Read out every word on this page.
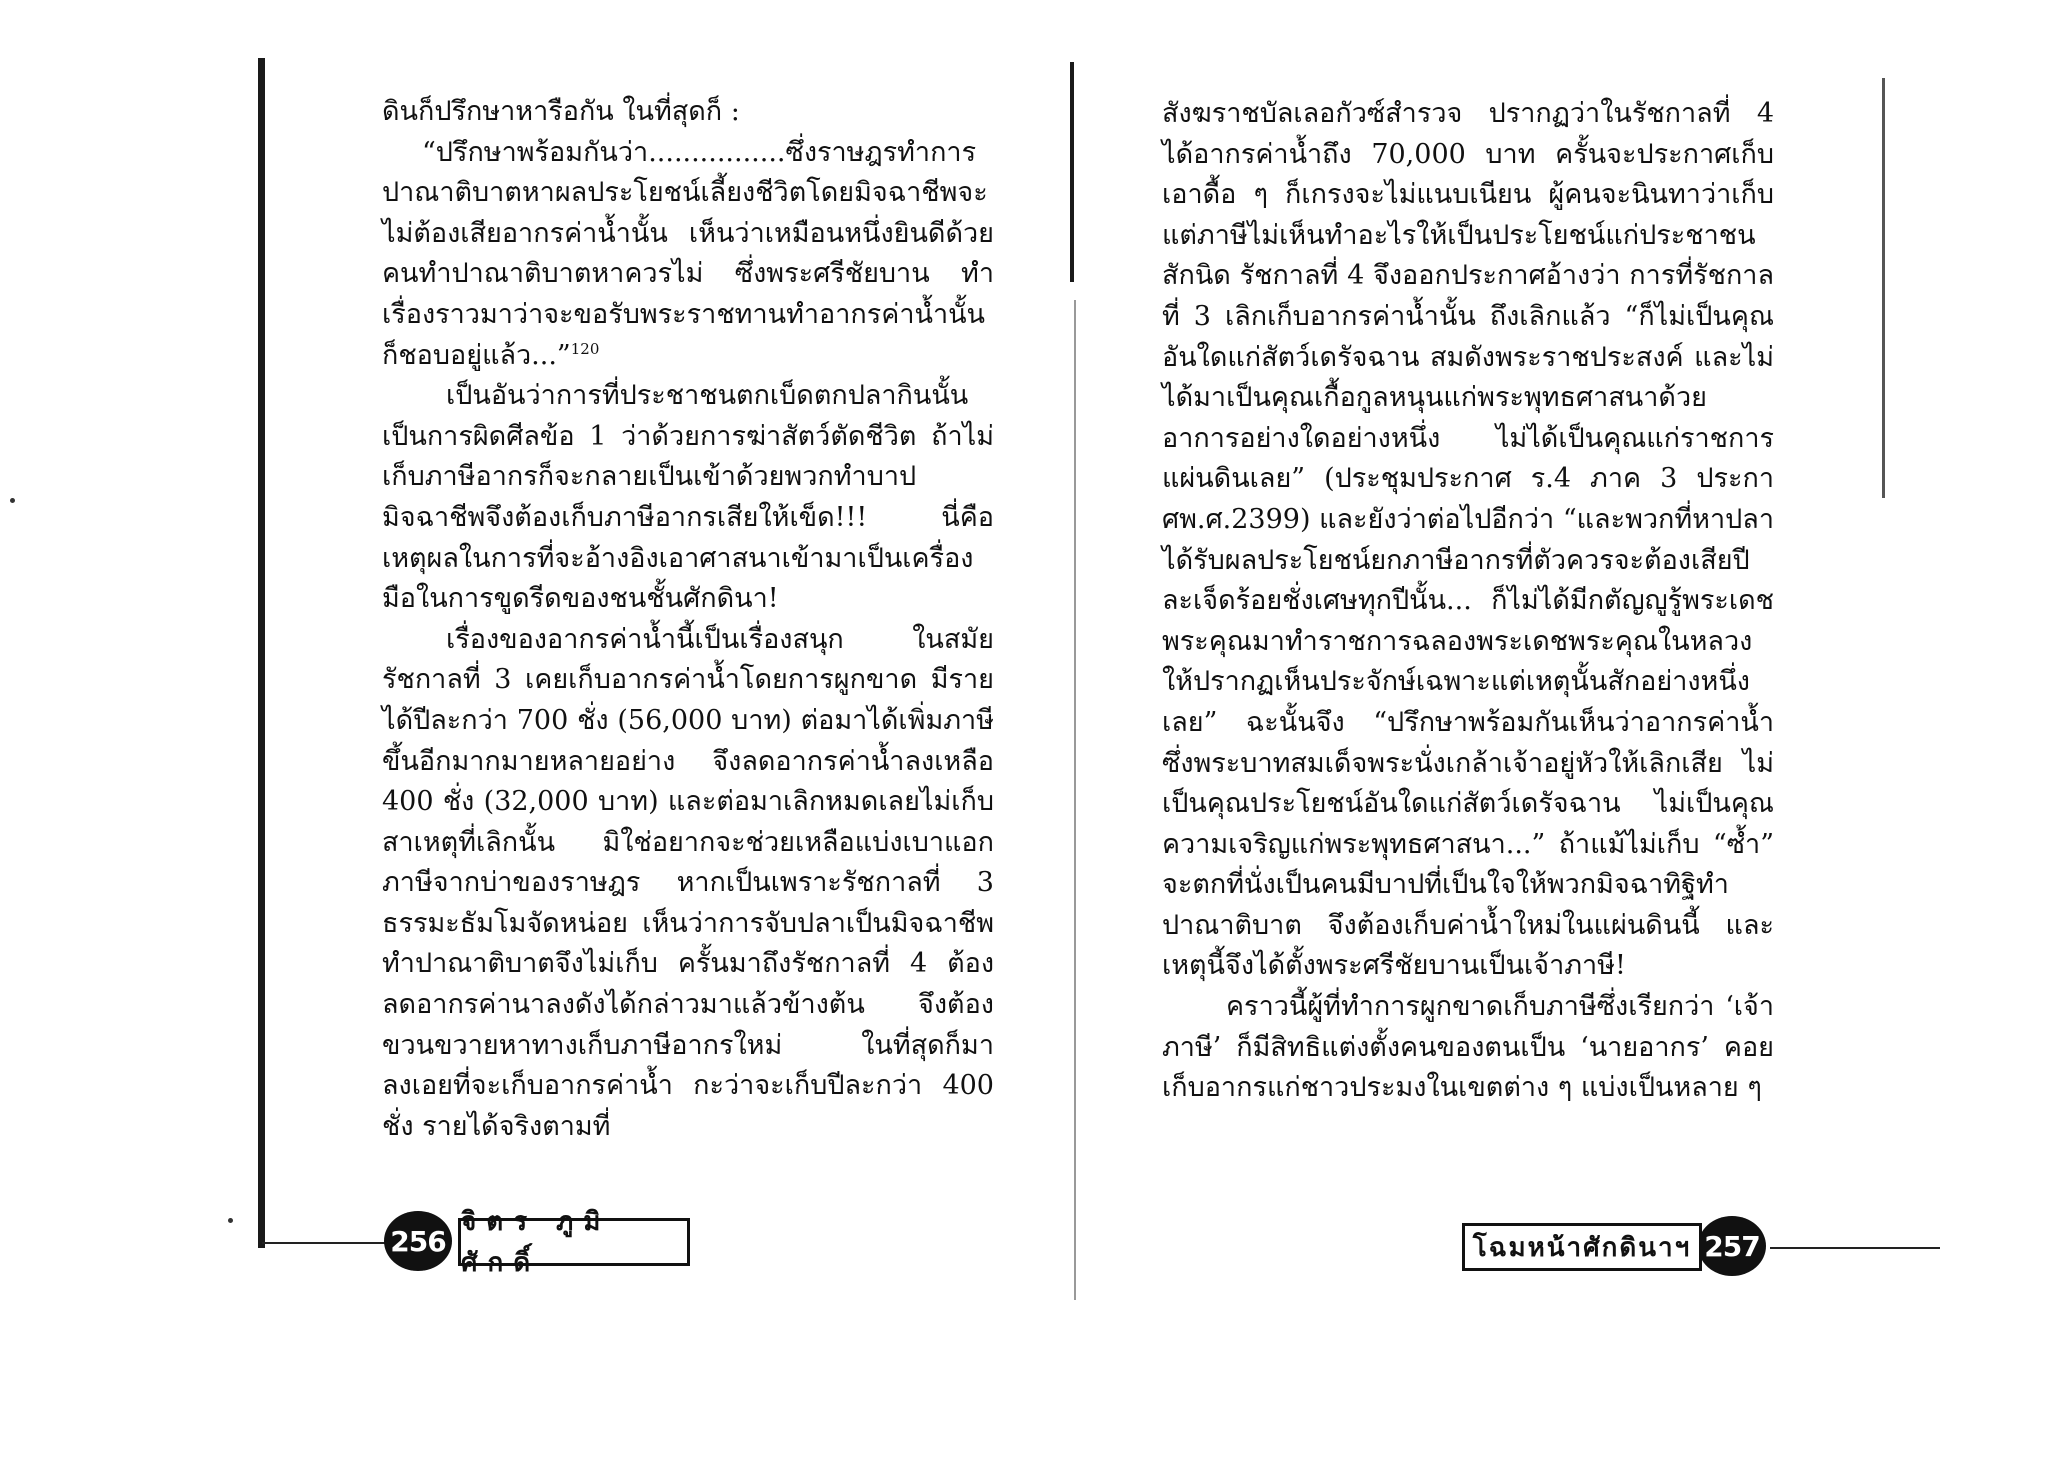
ดินก็ปรึกษาหารือกัน ในที่สุดก็ :

“ปรึกษาพร้อมกันว่า................ซึ่งราษฎรทำการปาณาติบาตหาผลประโยชน์เลี้ยงชีวิตโดยมิจฉาชีพจะไม่ต้องเสียอากรค่าน้ำนั้น เห็นว่าเหมือนหนึ่งยินดีด้วยคนทำปาณาติบาตหาควรไม่ ซึ่งพระศรีชัยบาน ทำเรื่องราวมาว่าจะขอรับพระราชทานทำอากรค่าน้ำนั้นก็ชอบอยู่แล้ว...”$^{120}$

เป็นอันว่าการที่ประชาชนตกเบ็ดตกปลากินนั้นเป็นการผิดศีลข้อ 1 ว่าด้วยการฆ่าสัตว์ตัดชีวิต ถ้าไม่เก็บภาษีอากรก็จะกลายเป็นเข้าด้วยพวกทำบาปมิจฉาชีพจึงต้องเก็บภาษีอากรเสียให้เข็ด!!! นี่คือเหตุผลในการที่จะอ้างอิงเอาศาสนาเข้ามาเป็นเครื่องมือในการขูดรีดของชนชั้นศักดินา!

เรื่องของอากรค่าน้ำนี้เป็นเรื่องสนุก ในสมัยรัชกาลที่ 3 เคยเก็บอากรค่าน้ำโดยการผูกขาด มีรายได้ปีละกว่า 700 ชั่ง (56,000 บาท) ต่อมาได้เพิ่มภาษีขึ้นอีกมากมายหลายอย่าง จึงลดอากรค่าน้ำลงเหลือ 400 ชั่ง (32,000 บาท) และต่อมาเลิกหมดเลยไม่เก็บ สาเหตุที่เลิกนั้น มิใช่อยากจะช่วยเหลือแบ่งเบาแอกภาษีจากบ่าของราษฎร หากเป็นเพราะรัชกาลที่ 3 ธรรมะธัมโมจัดหน่อย เห็นว่าการจับปลาเป็นมิจฉาชีพทำปาณาติบาตจึงไม่เก็บ ครั้นมาถึงรัชกาลที่ 4 ต้องลดอากรค่านาลงดังได้กล่าวมาแล้วข้างต้น จึงต้องขวนขวายหาทางเก็บภาษีอากรใหม่ ในที่สุดก็มาลงเอยที่จะเก็บอากรค่าน้ำ กะว่าจะเก็บปีละกว่า 400 ชั่ง รายได้จริงตามที่

256
จิตร ภูมิศักดิ์

สังฆราชบัลเลอกัวซ์สำรวจ ปรากฏว่าในรัชกาลที่ 4 ได้อากรค่าน้ำถึง 70,000 บาท ครั้นจะประกาศเก็บเอาดื้อ ๆ ก็เกรงจะไม่แนบเนียน ผู้คนจะนินทาว่าเก็บแต่ภาษีไม่เห็นทำอะไรให้เป็นประโยชน์แก่ประชาชนสักนิด รัชกาลที่ 4 จึงออกประกาศอ้างว่า การที่รัชกาลที่ 3 เลิกเก็บอากรค่าน้ำนั้น ถึงเลิกแล้ว “ก็ไม่เป็นคุณอันใดแก่สัตว์เดรัจฉาน สมดังพระราชประสงค์ และไม่ได้มาเป็นคุณเกื้อกูลหนุนแก่พระพุทธศาสนาด้วยอาการอย่างใดอย่างหนึ่ง ไม่ได้เป็นคุณแก่ราชการแผ่นดินเลย” (ประชุมประกาศ ร.4 ภาค 3 ประกาศพ.ศ.2399) และยังว่าต่อไปอีกว่า “และพวกที่หาปลาได้รับผลประโยชน์ยกภาษีอากรที่ตัวควรจะต้องเสียปีละเจ็ดร้อยชั่งเศษทุกปีนั้น... ก็ไม่ได้มีกตัญญูรู้พระเดชพระคุณมาทำราชการฉลองพระเดชพระคุณในหลวงให้ปรากฏเห็นประจักษ์เฉพาะแต่เหตุนั้นสักอย่างหนึ่งเลย” ฉะนั้นจึง “ปรึกษาพร้อมกันเห็นว่าอากรค่าน้ำ ซึ่งพระบาทสมเด็จพระนั่งเกล้าเจ้าอยู่หัวให้เลิกเสีย ไม่เป็นคุณประโยชน์อันใดแก่สัตว์เดรัจฉาน ไม่เป็นคุณความเจริญแก่พระพุทธศาสนา...” ถ้าแม้ไม่เก็บ “ซ้ำ” จะตกที่นั่งเป็นคนมีบาปที่เป็นใจให้พวกมิจฉาทิฐิทำปาณาติบาต จึงต้องเก็บค่าน้ำใหม่ในแผ่นดินนี้ และเหตุนี้จึงได้ตั้งพระศรีชัยบานเป็นเจ้าภาษี!

คราวนี้ผู้ที่ทำการผูกขาดเก็บภาษีซึ่งเรียกว่า ‘เจ้าภาษี’ ก็มีสิทธิแต่งตั้งคนของตนเป็น ‘นายอากร’ คอยเก็บอากรแก่ชาวประมงในเขตต่าง ๆ แบ่งเป็นหลาย ๆ

257
โฉมหน้าศักดินาฯ
